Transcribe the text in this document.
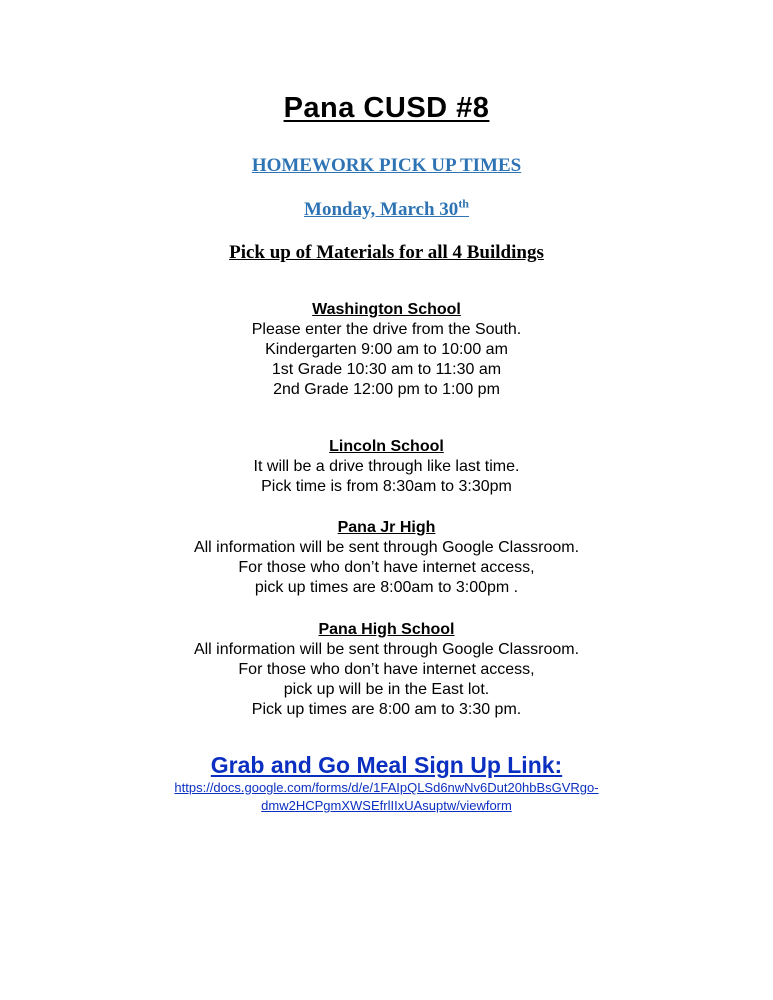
Pana CUSD #8
HOMEWORK PICK UP TIMES
Monday, March 30th
Pick up of Materials for all 4 Buildings
Washington School
Please enter the drive from the South.
Kindergarten 9:00 am to 10:00 am
1st Grade 10:30 am to 11:30 am
2nd Grade 12:00 pm to 1:00 pm
Lincoln School
It will be a drive through like last time.
Pick time is from 8:30am to 3:30pm
Pana Jr High
All information will be sent through Google Classroom.
For those who don’t have internet access,
pick up times are 8:00am to 3:00pm .
Pana High School
All information will be sent through Google Classroom.
For those who don’t have internet access,
pick up will be in the East lot.
Pick up times are 8:00 am to 3:30 pm.
Grab and Go Meal Sign Up Link:
https://docs.google.com/forms/d/e/1FAIpQLSd6nwNv6Dut20hbBsGVRgo-
dmw2HCPgmXWSEfrlIIxUAsuptw/viewform
